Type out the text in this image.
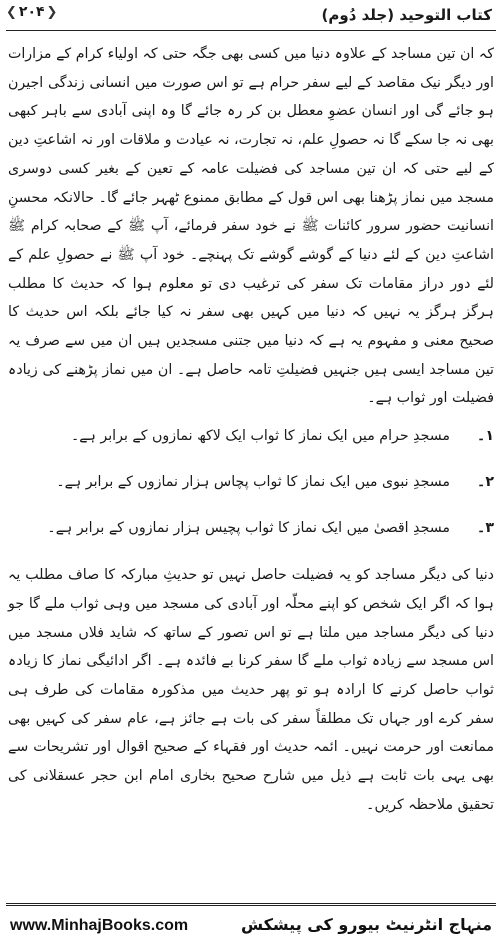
کتاب التوحید (جلد دُوم)
❮ ۲۰۴ ❯

کہ ان تین مساجد کے علاوہ دنیا میں کسی بھی جگہ حتی کہ اولیاء کرام کے مزارات اور دیگر نیک مقاصد کے لیے سفر حرام ہے تو اس صورت میں انسانی زندگی اجیرن ہو جائے گی اور انسان عضوِ معطل بن کر رہ جائے گا وہ اپنی آبادی سے باہر کبھی بھی نہ جا سکے گا نہ حصولِ علم، نہ تجارت، نہ عیادت و ملاقات اور نہ اشاعتِ دین کے لیے حتی کہ ان تین مساجد کی فضیلت عامہ کے تعین کے بغیر کسی دوسری مسجد میں نماز پڑھنا بھی اس قول کے مطابق ممنوع ٹھہر جائے گا۔ حالانکہ محسنِ انسانیت حضور سرور کائنات ﷺ نے خود سفر فرمائے، آپ ﷺ کے صحابہ کرام ﷺ اشاعتِ دین کے لئے دنیا کے گوشے گوشے تک پہنچے۔ خود آپ ﷺ نے حصولِ علم کے لئے دور دراز مقامات تک سفر کی ترغیب دی تو معلوم ہوا کہ حدیث کا مطلب ہرگز ہرگز یہ نہیں کہ دنیا میں کہیں بھی سفر نہ کیا جائے بلکہ اس حدیث کا صحیح معنی و مفہوم یہ ہے کہ دنیا میں جتنی مسجدیں ہیں ان میں سے صرف یہ تین مساجد ایسی ہیں جنہیں فضیلتِ تامہ حاصل ہے۔ ان میں نماز پڑھنے کی زیادہ فضیلت اور ثواب ہے۔

۱۔
مسجدِ حرام میں ایک نماز کا ثواب ایک لاکھ نمازوں کے برابر ہے۔
۲۔
مسجدِ نبوی میں ایک نماز کا ثواب پچاس ہزار نمازوں کے برابر ہے۔
۳۔
مسجدِ اقصیٰ میں ایک نماز کا ثواب پچیس ہزار نمازوں کے برابر ہے۔

دنیا کی دیگر مساجد کو یہ فضیلت حاصل نہیں تو حدیثِ مبارکہ کا صاف مطلب یہ ہوا کہ اگر ایک شخص کو اپنے محلّہ اور آبادی کی مسجد میں وہی ثواب ملے گا جو دنیا کی دیگر مساجد میں ملتا ہے تو اس تصور کے ساتھ کہ شاید فلاں مسجد میں اس مسجد سے زیادہ ثواب ملے گا سفر کرنا بے فائدہ ہے۔ اگر ادائیگی نماز کا زیادہ ثواب حاصل کرنے کا ارادہ ہو تو پھر حدیث میں مذکورہ مقامات کی طرف ہی سفر کرے اور جہاں تک مطلقاً سفر کی بات ہے جائز ہے، عام سفر کی کہیں بھی ممانعت اور حرمت نہیں۔ ائمہ حدیث اور فقہاء کے صحیح اقوال اور تشریحات سے بھی یہی بات ثابت ہے ذیل میں شارح صحیح بخاری امام ابن حجر عسقلانی کی تحقیق ملاحظہ کریں۔

www.MinhajBooks.com	منہاج انٹرنیٹ بیورو کی پیشکش
